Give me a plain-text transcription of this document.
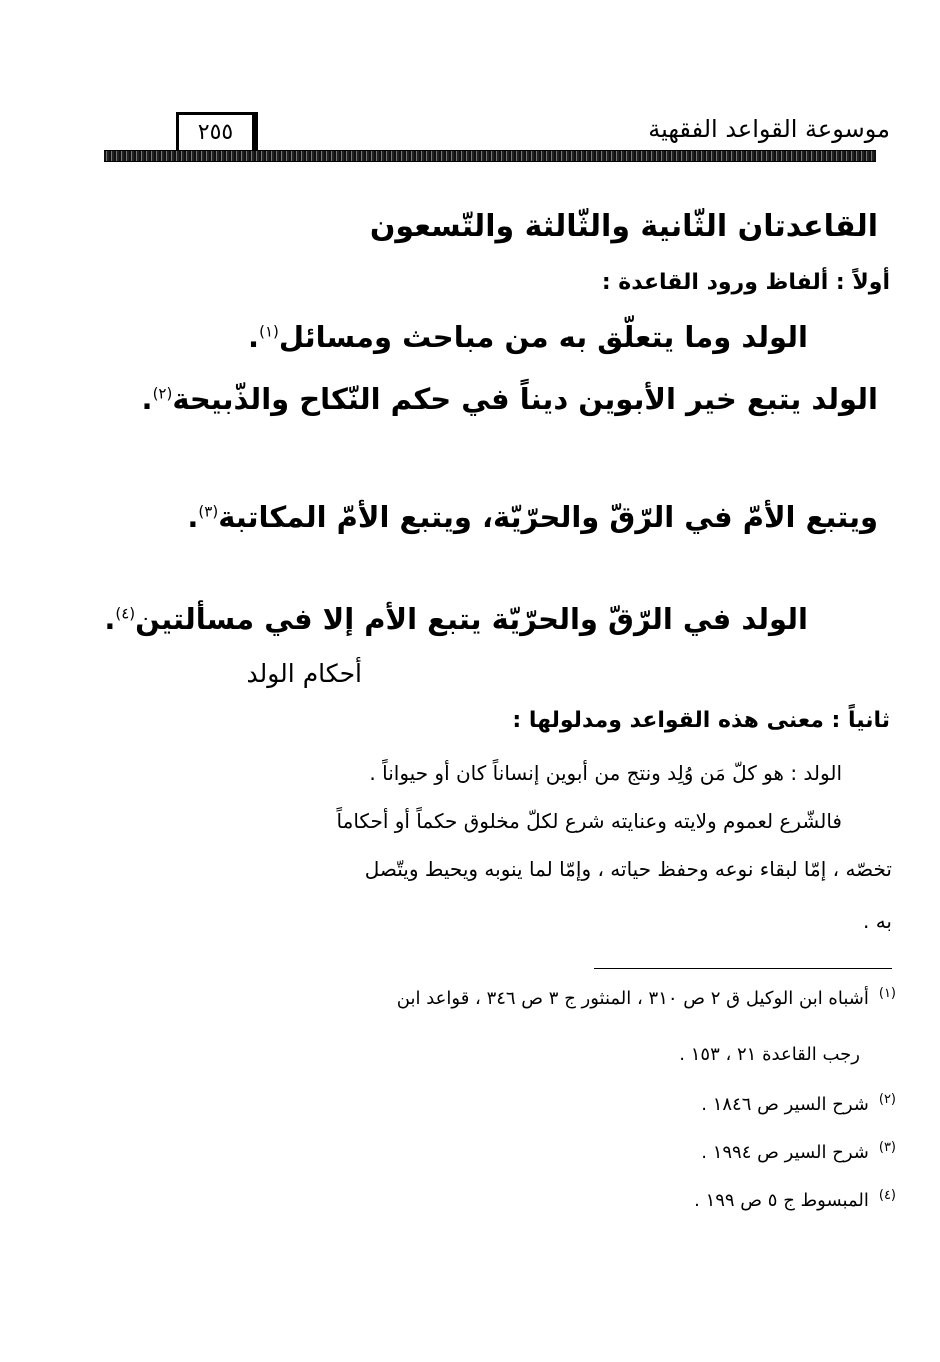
موسوعة القواعد الفقهية
٢٥٥
القاعدتان الثّانية والثّالثة والتّسعون
أولاً : ألفاظ ورود القاعدة :
الولد وما يتعلّق به من مباحث ومسائل$^{(١)}$.
الولد يتبع خير الأبوين ديناً في حكم النّكاح والذّبيحة$^{(٢)}$.
ويتبع الأمّ في الرّقّ والحرّيّة، ويتبع الأمّ المكاتبة$^{(٣)}$.
الولد في الرّقّ والحرّيّة يتبع الأم إلا في مسألتين$^{(٤)}$.
أحكام الولد
ثانياً : معنى هذه القواعد ومدلولها :
الولد : هو كلّ مَن وُلِد ونتج من أبوين إنساناً كان أو حيواناً .
فالشّرع لعموم ولايته وعنايته شرع لكلّ مخلوق حكماً أو أحكاماً
تخصّه ، إمّا لبقاء نوعه وحفظ حياته ، وإمّا لما ينوبه ويحيط ويتّصل
به .
$^{(١)}$أشباه ابن الوكيل ق ٢ ص ٣١٠ ، المنثور ج ٣ ص ٣٤٦ ، قواعد ابن
رجب القاعدة ٢١ ، ١٥٣ .
$^{(٢)}$شرح السير ص ١٨٤٦ .
$^{(٣)}$شرح السير ص ١٩٩٤ .
$^{(٤)}$المبسوط ج ٥ ص ١٩٩ .
